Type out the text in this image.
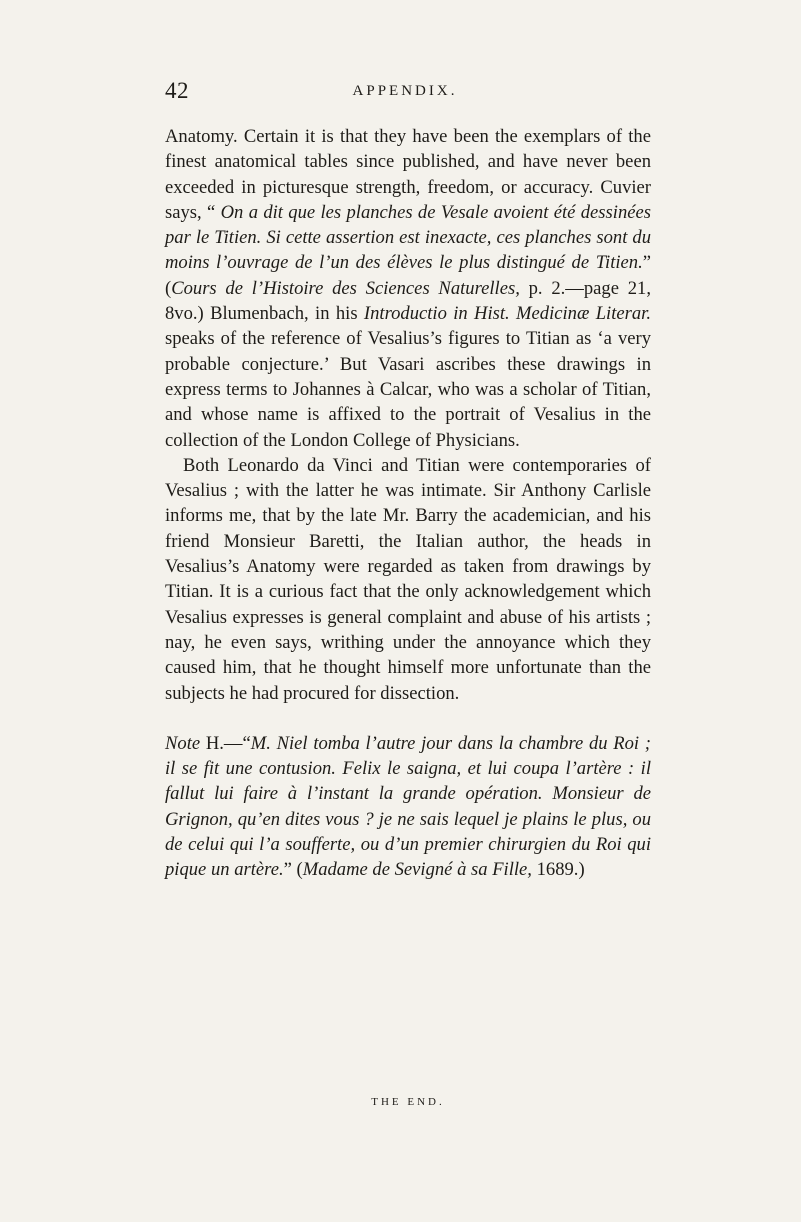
42	APPENDIX.

Anatomy. Certain it is that they have been the exemplars of the finest anatomical tables since published, and have never been exceeded in picturesque strength, freedom, or accuracy. Cuvier says, “ On a dit que les planches de Vesale avoient été dessinées par le Titien. Si cette assertion est inexacte, ces planches sont du moins l’ouvrage de l’un des élèves le plus distingué de Titien.” (Cours de l’Histoire des Sciences Naturelles, p. 2.—page 21, 8vo.) Blumenbach, in his Introductio in Hist. Medicinæ Literar. speaks of the reference of Vesalius’s figures to Titian as ‘a very probable conjecture.’ But Vasari ascribes these drawings in express terms to Johannes à Calcar, who was a scholar of Titian, and whose name is affixed to the portrait of Vesalius in the collection of the London College of Physicians.

Both Leonardo da Vinci and Titian were contemporaries of Vesalius ; with the latter he was intimate. Sir Anthony Carlisle informs me, that by the late Mr. Barry the academician, and his friend Monsieur Baretti, the Italian author, the heads in Vesalius’s Anatomy were regarded as taken from drawings by Titian. It is a curious fact that the only acknowledgement which Vesalius expresses is general complaint and abuse of his artists ; nay, he even says, writhing under the annoyance which they caused him, that he thought himself more unfortunate than the subjects he had procured for dissection.

Note H.—“M. Niel tomba l’autre jour dans la chambre du Roi ; il se fit une contusion. Felix le saigna, et lui coupa l’artère : il fallut lui faire à l’instant la grande opération. Monsieur de Grignon, qu’en dites vous ? je ne sais lequel je plains le plus, ou de celui qui l’a soufferte, ou d’un premier chirurgien du Roi qui pique un artère.” (Madame de Sevigné à sa Fille, 1689.)

THE END.
